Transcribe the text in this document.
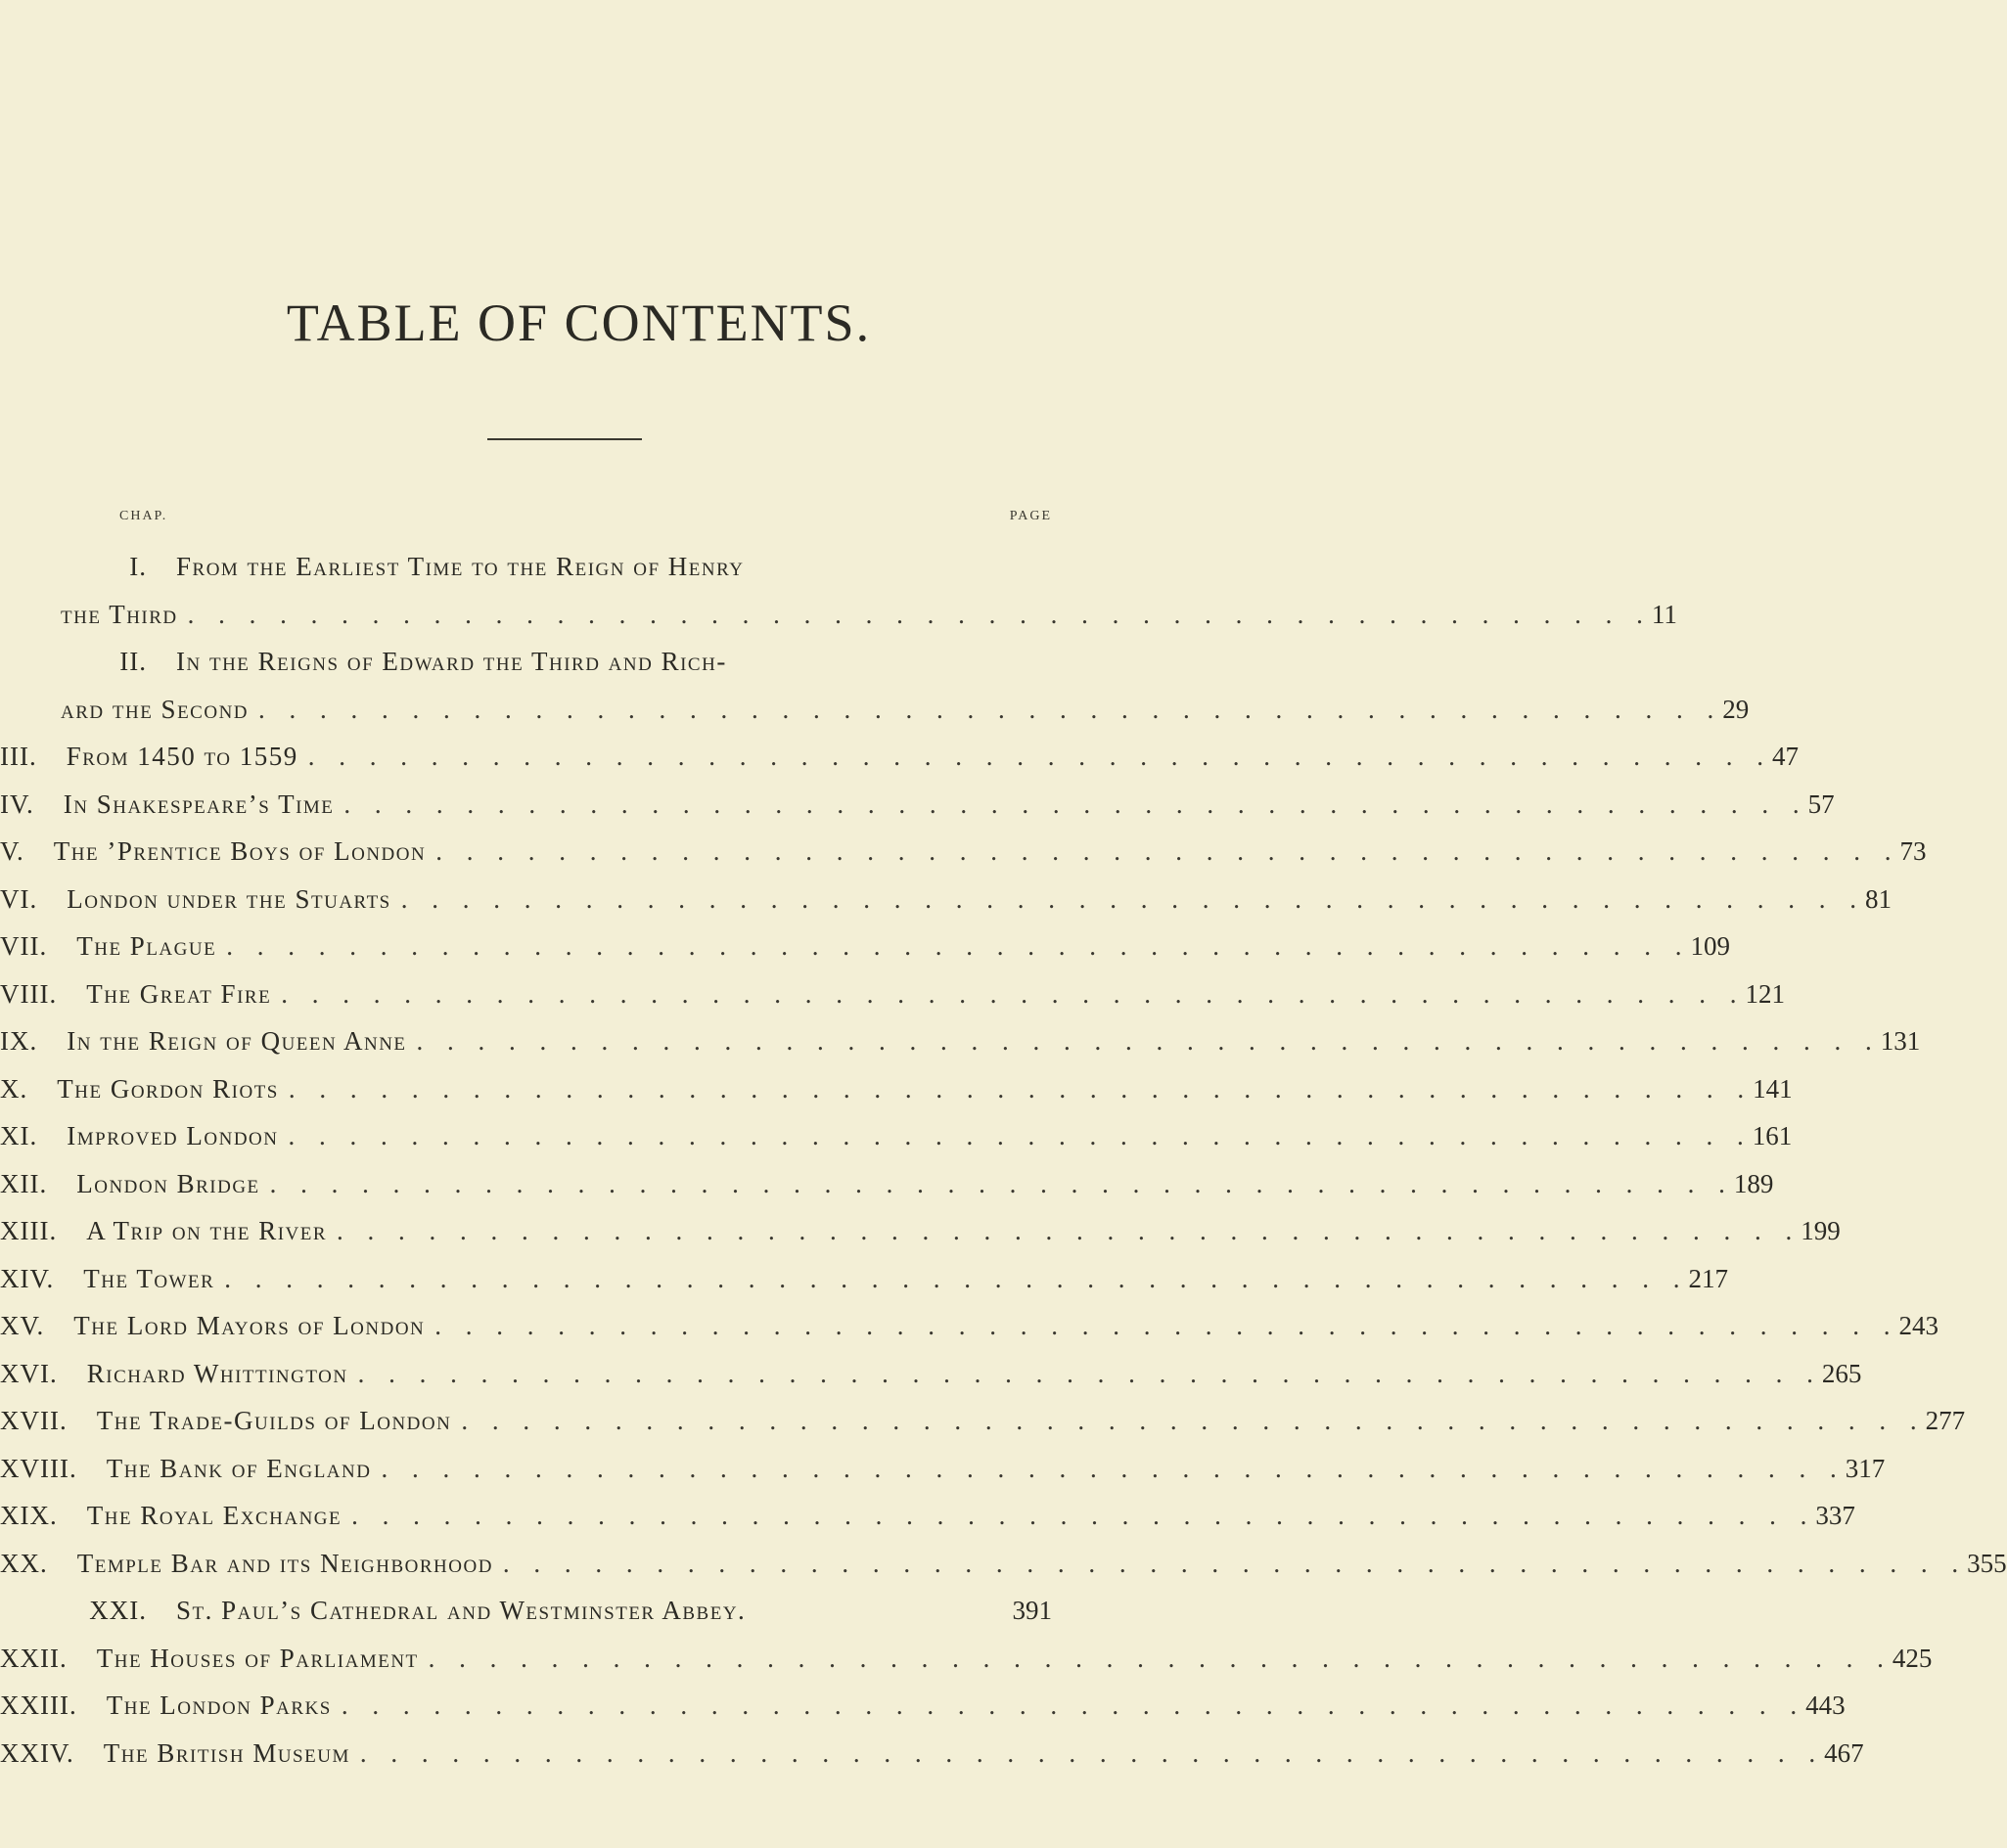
TABLE OF CONTENTS.
CHAP.	PAGE
I.	From the Earliest Time to the Reign of Henry
the Third . . . . . . . . . . . . . . . . . . . . . . . . . . . . . . . . . . . . . . . . . . . . . . . . 11
II.	In the Reigns of Edward the Third and Rich-
ard the Second . . . . . . . . . . . . . . . . . . . . . . . . . . . . . . . . . . . . . . . . . . . . . . . . 29
III.	From 1450 to 1559 . . . . . . . . . . . . . . . . . . . . . . . . . . . . . . . . . . . . . . . . . . . . . . . . 47
IV.	In Shakespeare’s Time . . . . . . . . . . . . . . . . . . . . . . . . . . . . . . . . . . . . . . . . . . . . . . . . 57
V.	The ’Prentice Boys of London . . . . . . . . . . . . . . . . . . . . . . . . . . . . . . . . . . . . . . . . . . . . . . . . 73
VI.	London under the Stuarts . . . . . . . . . . . . . . . . . . . . . . . . . . . . . . . . . . . . . . . . . . . . . . . . 81
VII.	The Plague . . . . . . . . . . . . . . . . . . . . . . . . . . . . . . . . . . . . . . . . . . . . . . . . 109
VIII.	The Great Fire . . . . . . . . . . . . . . . . . . . . . . . . . . . . . . . . . . . . . . . . . . . . . . . . 121
IX.	In the Reign of Queen Anne . . . . . . . . . . . . . . . . . . . . . . . . . . . . . . . . . . . . . . . . . . . . . . . . 131
X.	The Gordon Riots . . . . . . . . . . . . . . . . . . . . . . . . . . . . . . . . . . . . . . . . . . . . . . . . 141
XI.	Improved London . . . . . . . . . . . . . . . . . . . . . . . . . . . . . . . . . . . . . . . . . . . . . . . . 161
XII.	London Bridge . . . . . . . . . . . . . . . . . . . . . . . . . . . . . . . . . . . . . . . . . . . . . . . . 189
XIII.	A Trip on the River . . . . . . . . . . . . . . . . . . . . . . . . . . . . . . . . . . . . . . . . . . . . . . . . 199
XIV.	The Tower . . . . . . . . . . . . . . . . . . . . . . . . . . . . . . . . . . . . . . . . . . . . . . . . 217
XV.	The Lord Mayors of London . . . . . . . . . . . . . . . . . . . . . . . . . . . . . . . . . . . . . . . . . . . . . . . . 243
XVI.	Richard Whittington . . . . . . . . . . . . . . . . . . . . . . . . . . . . . . . . . . . . . . . . . . . . . . . . 265
XVII.	The Trade-Guilds of London . . . . . . . . . . . . . . . . . . . . . . . . . . . . . . . . . . . . . . . . . . . . . . . . 277
XVIII.	The Bank of England . . . . . . . . . . . . . . . . . . . . . . . . . . . . . . . . . . . . . . . . . . . . . . . . 317
XIX.	The Royal Exchange . . . . . . . . . . . . . . . . . . . . . . . . . . . . . . . . . . . . . . . . . . . . . . . . 337
XX.	Temple Bar and its Neighborhood . . . . . . . . . . . . . . . . . . . . . . . . . . . . . . . . . . . . . . . . . . . . . . . . 355
XXI.	St. Paul’s Cathedral and Westminster Abbey.	391
XXII.	The Houses of Parliament . . . . . . . . . . . . . . . . . . . . . . . . . . . . . . . . . . . . . . . . . . . . . . . . 425
XXIII.	The London Parks . . . . . . . . . . . . . . . . . . . . . . . . . . . . . . . . . . . . . . . . . . . . . . . . 443
XXIV.	The British Museum . . . . . . . . . . . . . . . . . . . . . . . . . . . . . . . . . . . . . . . . . . . . . . . . 467
